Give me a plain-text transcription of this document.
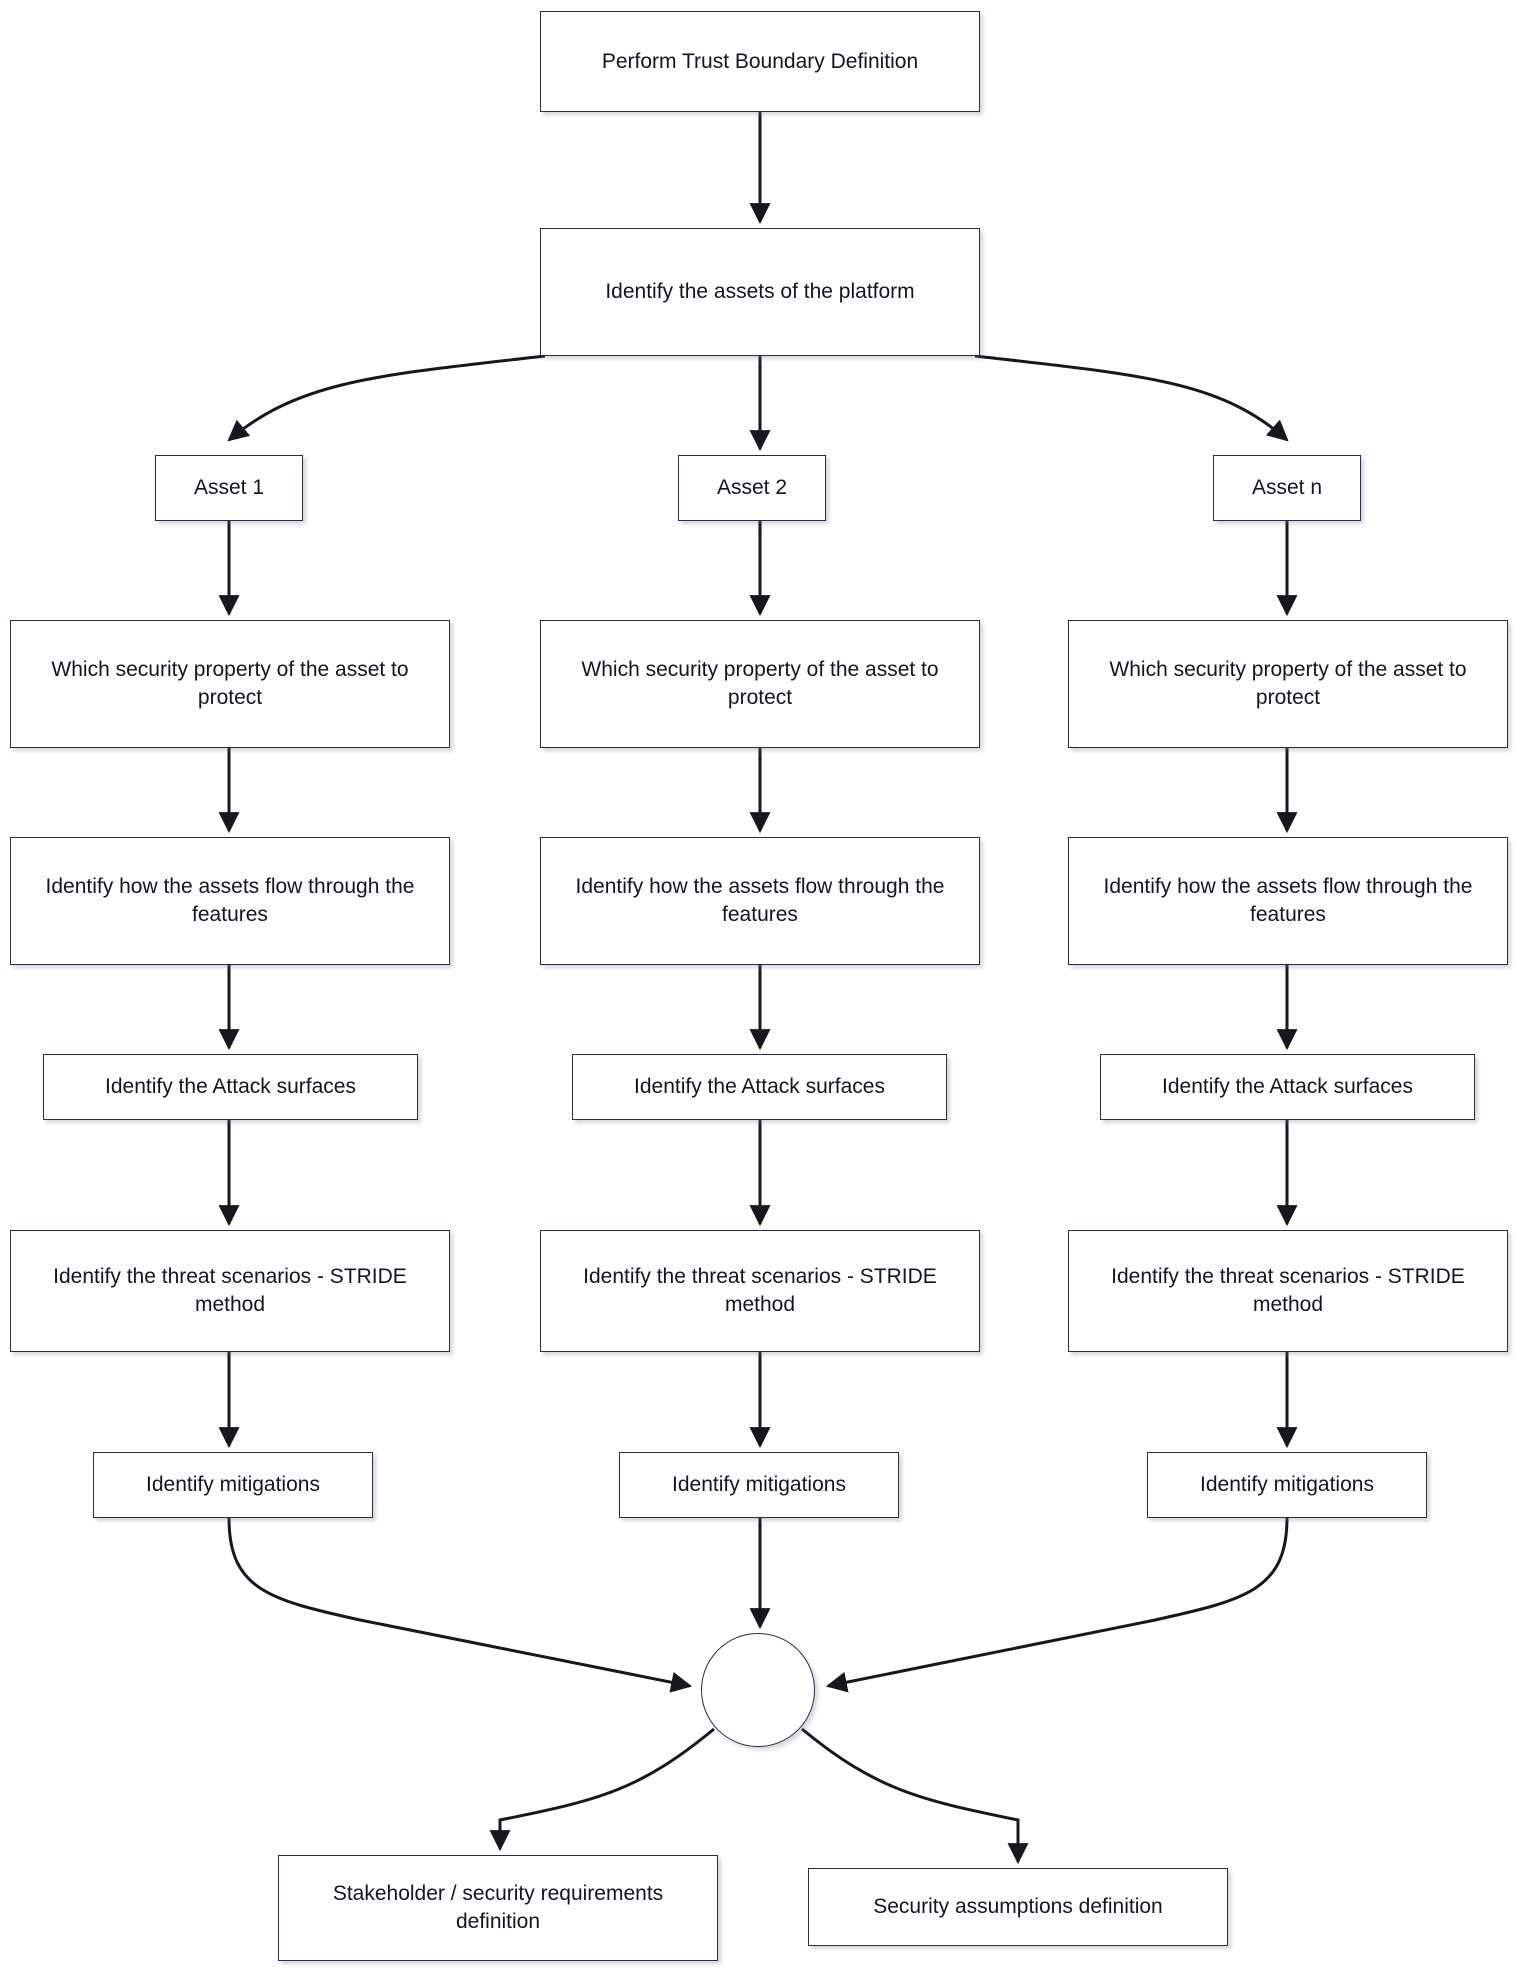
Perform Trust Boundary Definition
Identify the assets of the platform
Asset 1	Asset 2	Asset n
Which security property of the asset to protect
Which security property of the asset to protect
Which security property of the asset to protect
Identify how the assets flow through the features
Identify how the assets flow through the features
Identify how the assets flow through the features
Identify the Attack surfaces	Identify the Attack surfaces	Identify the Attack surfaces
Identify the threat scenarios - STRIDE method
Identify the threat scenarios - STRIDE method
Identify the threat scenarios - STRIDE method
Identify mitigations	Identify mitigations	Identify mitigations
Stakeholder / security requirements definition
Security assumptions definition
